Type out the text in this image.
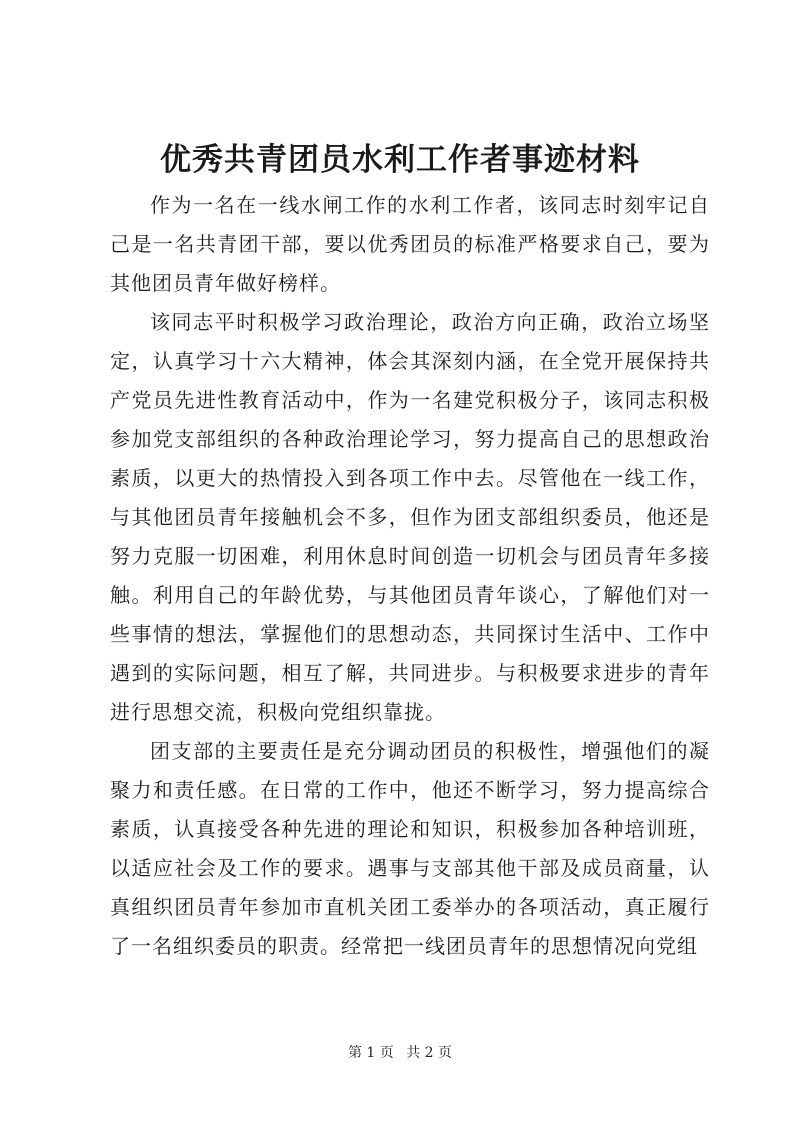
优秀共青团员水利工作者事迹材料

作为一名在一线水闸工作的水利工作者，该同志时刻牢记自己是一名共青团干部，要以优秀团员的标准严格要求自己，要为其他团员青年做好榜样。

该同志平时积极学习政治理论，政治方向正确，政治立场坚定，认真学习十六大精神，体会其深刻内涵，在全党开展保持共产党员先进性教育活动中，作为一名建党积极分子，该同志积极参加党支部组织的各种政治理论学习，努力提高自己的思想政治素质，以更大的热情投入到各项工作中去。尽管他在一线工作，与其他团员青年接触机会不多，但作为团支部组织委员，他还是努力克服一切困难，利用休息时间创造一切机会与团员青年多接触。利用自己的年龄优势，与其他团员青年谈心，了解他们对一些事情的想法，掌握他们的思想动态，共同探讨生活中、工作中遇到的实际问题，相互了解，共同进步。与积极要求进步的青年进行思想交流，积极向党组织靠拢。

团支部的主要责任是充分调动团员的积极性，增强他们的凝聚力和责任感。在日常的工作中，他还不断学习，努力提高综合素质，认真接受各种先进的理论和知识，积极参加各种培训班，以适应社会及工作的要求。遇事与支部其他干部及成员商量，认真组织团员青年参加市直机关团工委举办的各项活动，真正履行了一名组织委员的职责。经常把一线团员青年的思想情况向党组

第 1 页 共 2 页
